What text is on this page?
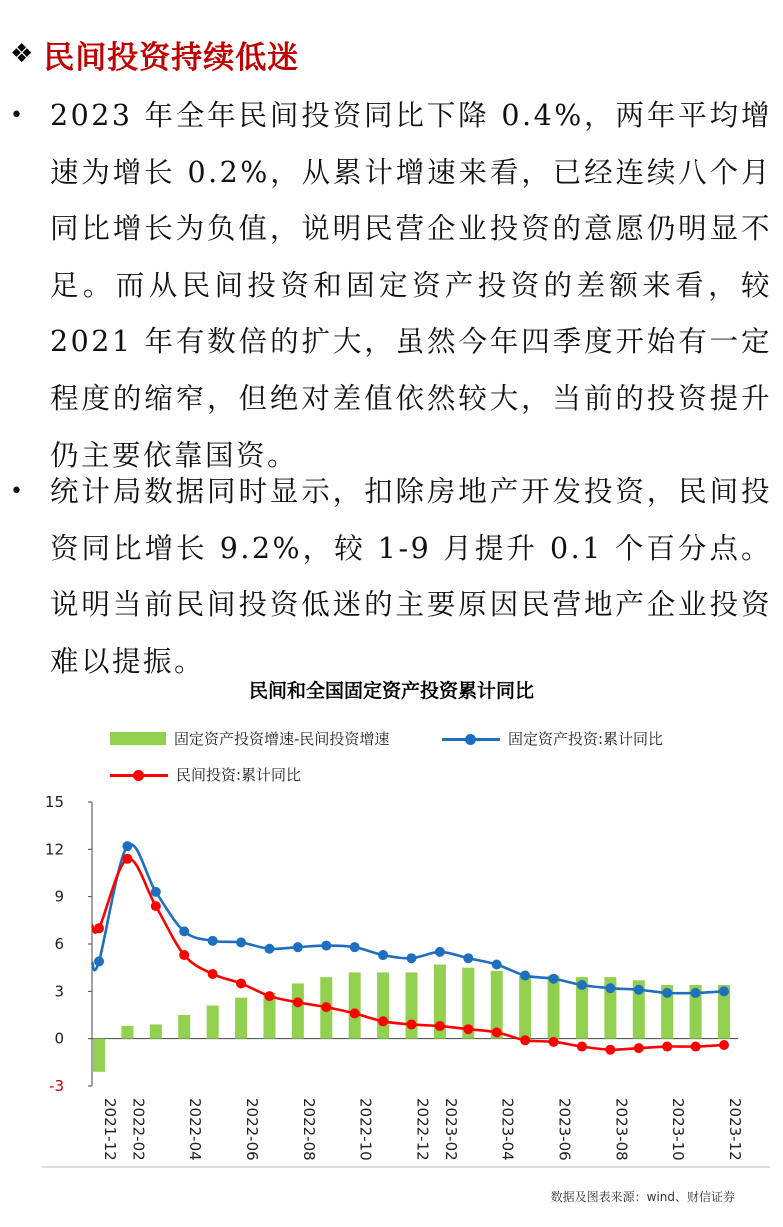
❖ 民间投资持续低迷
• 2023 年全年民间投资同比下降 0.4%，两年平均增速为增长 0.2%，从累计增速来看，已经连续八个月同比增长为负值，说明民营企业投资的意愿仍明显不足。而从民间投资和固定资产投资的差额来看，较 2021 年有数倍的扩大，虽然今年四季度开始有一定程度的缩窄，但绝对差值依然较大，当前的投资提升仍主要依靠国资。

• 统计局数据同时显示，扣除房地产开发投资，民间投资同比增长 9.2%，较 1-9 月提升 0.1 个百分点。说明当前民间投资低迷的主要原因民营地产企业投资难以提振。

民间和全国固定资产投资累计同比
固定资产投资增速-民间投资增速	固定资产投资:累计同比
民间投资:累计同比
15
12
9
6
3
0
-3
2021-12 2022-02	2022-04	2022-06	2022-08	2022-10	2022-12 2023-02	2023-04	2023-06	2023-08	2023-10	2023-12
数据及图表来源：wind、财信证券
